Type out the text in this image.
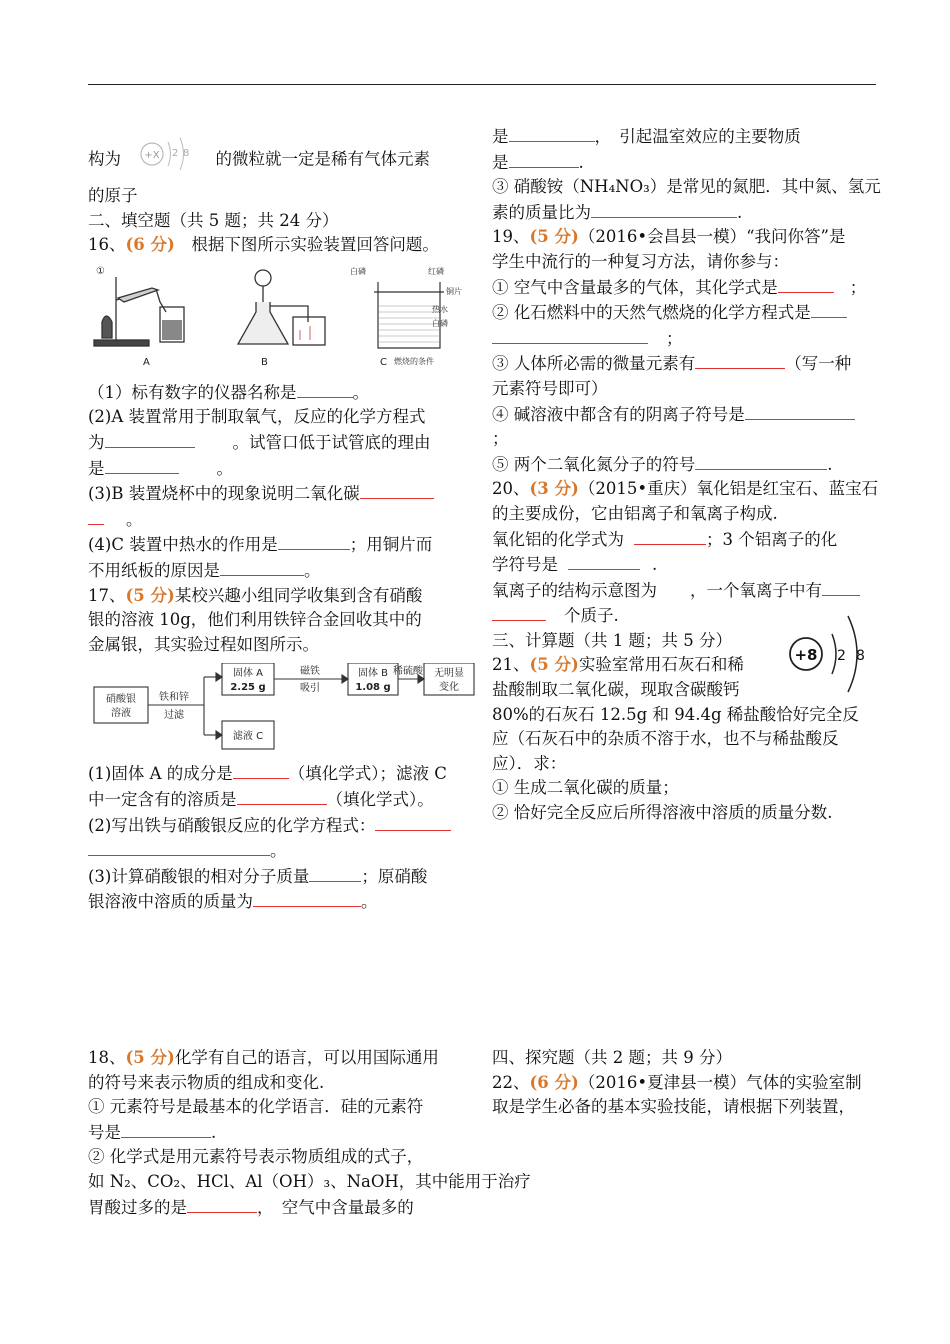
构为 +X 2 8 的微粒就一定是稀有气体元素

的原子

二、填空题（共 5 题；共 24 分）

16、(6 分)　根据下图所示实验装置回答问题。

①
A	B
白磷	红磷
铜片
热水
白磷
C 燃烧的条件

（1）标有数字的仪器名称是	。

(2)A 装置常用于制取氧气，反应的化学方程式

为	。试管口低于试管底的理由

是	。

(3)B 装置烧杯中的现象说明二氧化碳

。

(4)C 装置中热水的作用是	；用铜片而

不用纸板的原因是	。

17、(5 分)某校兴趣小组同学收集到含有硝酸

银的溶液 10g，他们利用铁锌合金回收其中的

金属银，其实验过程如图所示。

硝酸银
溶液
铁和锌
过滤
固体 A
2.25 g
磁铁
吸引
固体 B
1.08 g
稀硫酸 无明显
变化
滤液 C

(1)固体 A 的成分是	（填化学式）；滤液 C

中一定含有的溶质是	（填化学式）。

(2)写出铁与硝酸银反应的化学方程式：

。

(3)计算硝酸银的相对分子质量	；原硝酸

银溶液中溶质的质量为	。

是	，　引起温室效应的主要物质

是	.

③ 硝酸铵（NH₄NO₃）是常见的氮肥．其中氮、氢元

素的质量比为	.

19、(5 分)（2016•会昌县一模）“我问你答”是

学生中流行的一种复习方法，请你参与：

① 空气中含量最多的气体，其化学式是	；

② 化石燃料中的天然气燃烧的化学方程式是

；

③ 人体所必需的微量元素有	（写一种

元素符号即可）

④ 碱溶液中都含有的阴离子符号是

；

⑤ 两个二氧化氮分子的符号	.

20、(3 分)（2015•重庆）氧化铝是红宝石、蓝宝石

的主要成份，它由铝离子和氧离子构成.

氧化铝的化学式为	；3 个铝离子的化

学符号是	.

氧离子的结构示意图为　　，一个氧离子中有

个质子.

三、计算题（共 1 题；共 5 分）

21、(5 分)实验室常用石灰石和稀

盐酸制取二氧化碳，现取含碳酸钙

80%的石灰石 12.5g 和 94.4g 稀盐酸恰好完全反

应（石灰石中的杂质不溶于水，也不与稀盐酸反

应）．求：

① 生成二氧化碳的质量；

② 恰好完全反应后所得溶液中溶质的质量分数.

+8 2 8

18、(5 分)化学有自己的语言，可以用国际通用

的符号来表示物质的组成和变化.

① 元素符号是最基本的化学语言．硅的元素符

号是	.

② 化学式是用元素符号表示物质组成的式子，

如 N₂、CO₂、HCl、Al（OH）₃、NaOH，其中能用于治疗

胃酸过多的是	，　空气中含量最多的

四、探究题（共 2 题；共 9 分）

22、(6 分)（2016•夏津县一模）气体的实验室制

取是学生必备的基本实验技能，请根据下列装置，
